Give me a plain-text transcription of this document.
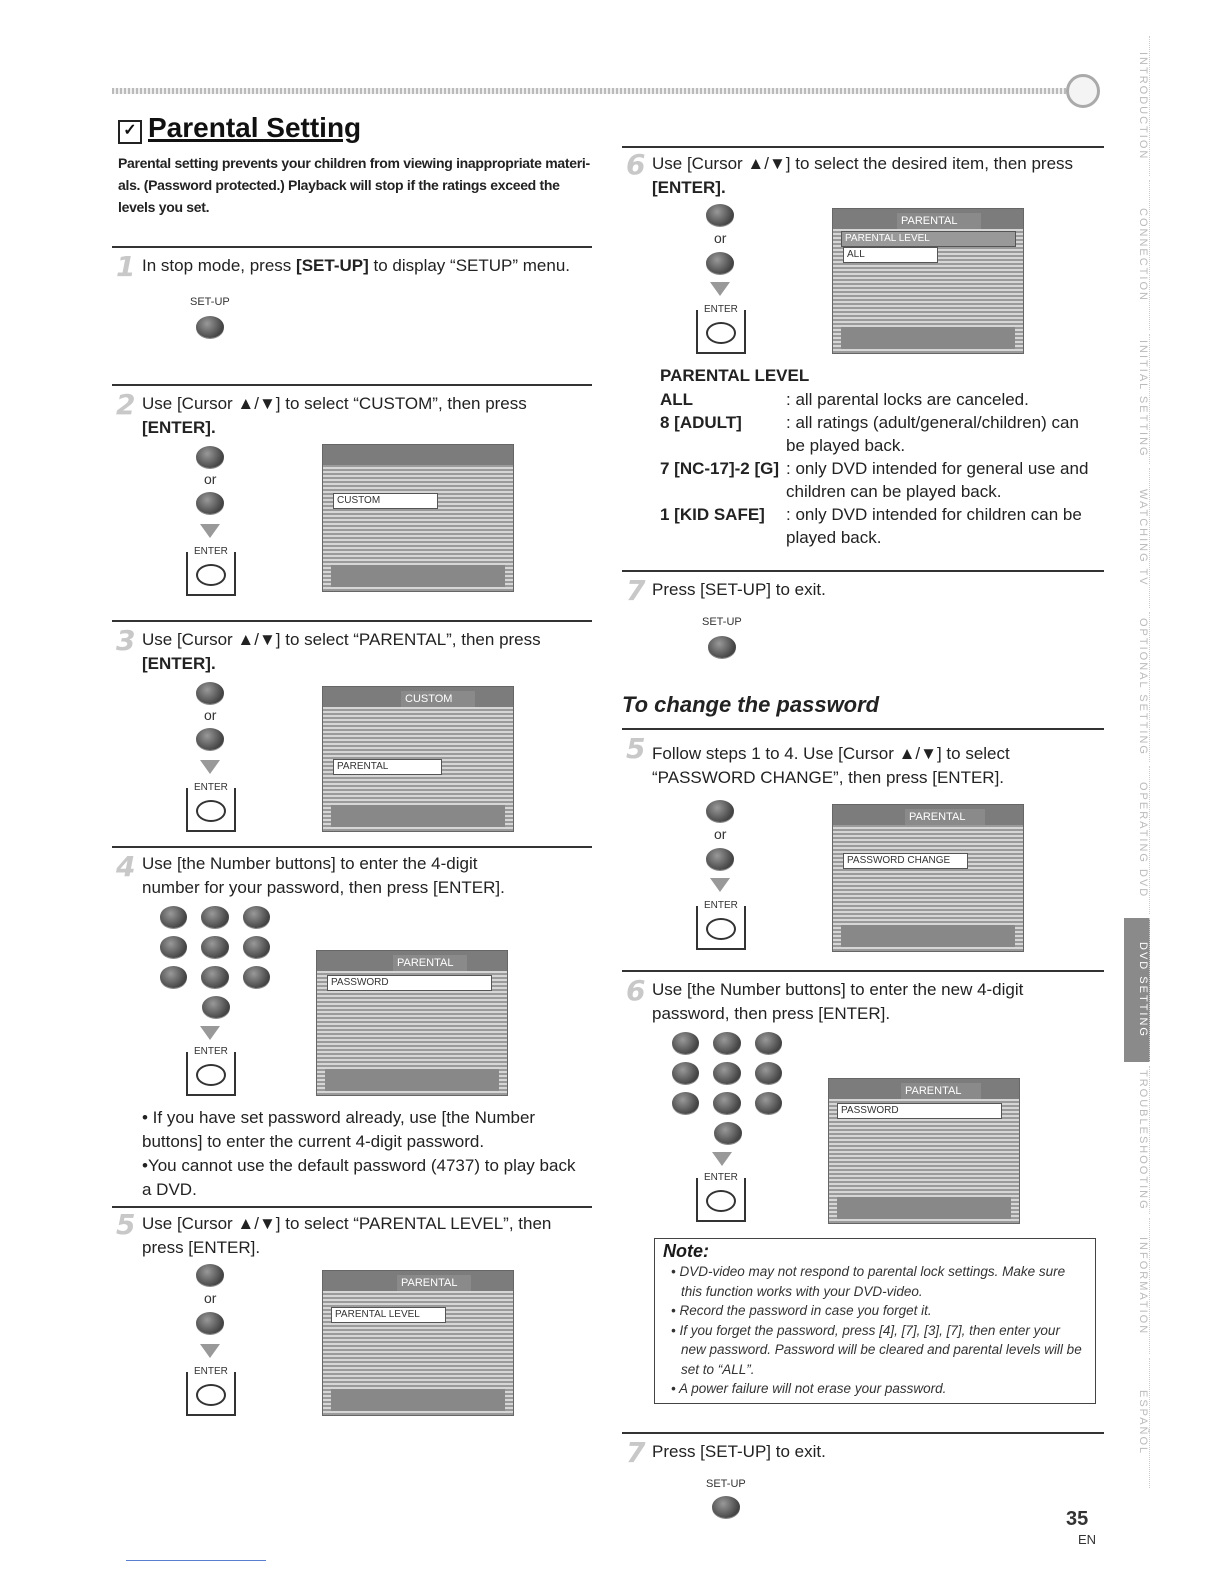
✓ Parental Setting
Parental setting prevents your children from viewing inappropriate materi-als. (Password protected.) Playback will stop if the ratings exceed the levels you set.
1 In stop mode, press [SET-UP] to display “SETUP” menu.
SET-UP
2 Use [Cursor ▲/▼] to select “CUSTOM”, then press
[ENTER].
or
ENTER
CUSTOM
3 Use [Cursor ▲/▼] to select “PARENTAL”, then press
[ENTER].
or
ENTER
CUSTOM
PARENTAL
4 Use [the Number buttons] to enter the 4-digit
number for your password, then press [ENTER].
ENTER
PARENTAL
PASSWORD
• If you have set password already, use [the Number buttons] to enter the current 4-digit password.
•You cannot use the default password (4737) to play back a DVD.
5 Use [Cursor ▲/▼] to select “PARENTAL LEVEL”, then
press [ENTER].
or
ENTER
PARENTAL
PARENTAL LEVEL
6 Use [Cursor ▲/▼] to select the desired item, then press
[ENTER].
or
ENTER
PARENTAL
PARENTAL LEVEL
ALL
PARENTAL LEVEL
ALL	: all parental locks are canceled.
8 [ADULT]	: all ratings (adult/general/children) can be played back.
7 [NC-17]-2 [G] : only DVD intended for general use and children can be played back.
1 [KID SAFE]	: only DVD intended for children can be played back.
7 Press [SET-UP] to exit.
SET-UP
To change the password
5 Follow steps 1 to 4. Use [Cursor ▲/▼] to select
“PASSWORD CHANGE”, then press [ENTER].
or
ENTER
PARENTAL
PASSWORD CHANGE
6 Use [the Number buttons] to enter the new 4-digit
password, then press [ENTER].
ENTER
PARENTAL
PASSWORD
Note:
• DVD-video may not respond to parental lock settings. Make sure this function works with your DVD-video.
• Record the password in case you forget it.
• If you forget the password, press [4], [7], [3], [7], then enter your new password. Password will be cleared and parental levels will be set to “ALL”.
• A power failure will not erase your password.
7 Press [SET-UP] to exit.
SET-UP
INTRODUCTION
CONNECTION
INITIAL SETTING
WATCHING TV
OPTIONAL SETTING
OPERATING DVD
DVD SETTING
TROUBLESHOOTING
INFORMATION
ESPAÑOL
35
EN
